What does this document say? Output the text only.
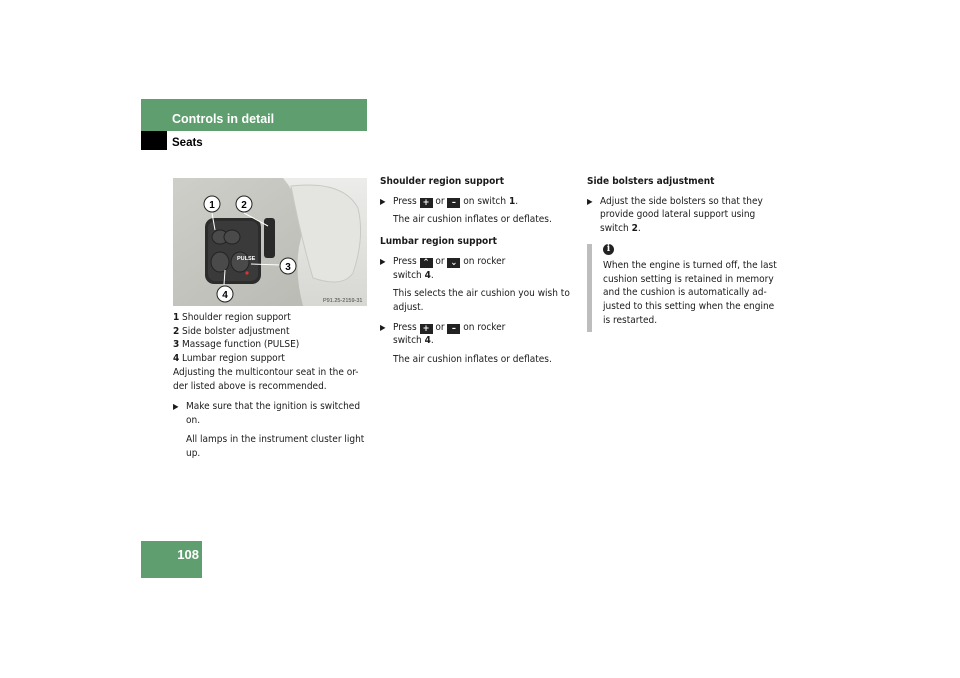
Controls in detail
Seats
PULSE
1	2
3
4	P91.25-2159-31
1 Shoulder region support
2 Side bolster adjustment
3 Massage function (PULSE)
4 Lumbar region support

Adjusting the multicontour seat in the or-
der listed above is recommended.

▶ Make sure that the ignition is switched
on.

All lamps in the instrument cluster light
up.

Shoulder region support

▶ Press + or – on switch 1.

The air cushion inflates or deflates.

Lumbar region support

▶ Press ⌃ or ⌄ on rocker
switch 4.

This selects the air cushion you wish to
adjust.

▶ Press + or – on rocker
switch 4.

The air cushion inflates or deflates.

Side bolsters adjustment

▶ Adjust the side bolsters so that they
provide good lateral support using
switch 2.

i

When the engine is turned off, the last
cushion setting is retained in memory
and the cushion is automatically ad-
justed to this setting when the engine
is restarted.

108
